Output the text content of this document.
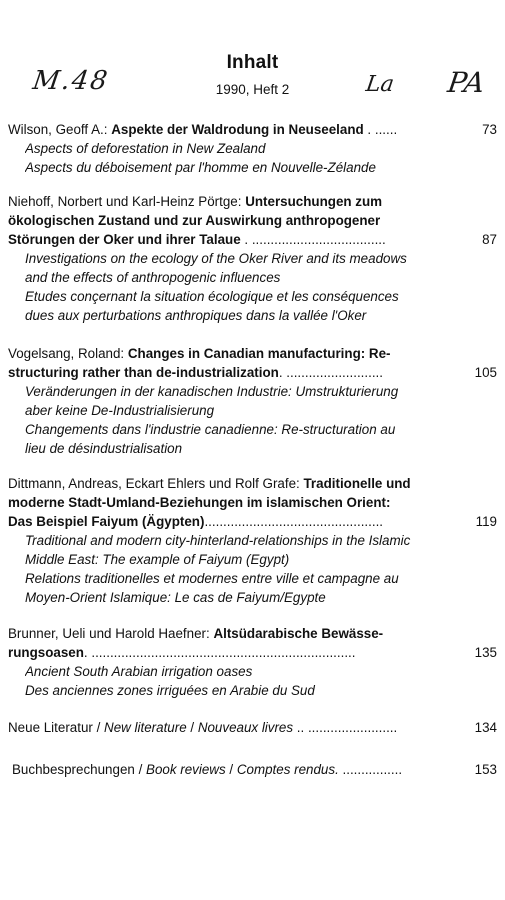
M.48	La PA
Inhalt
1990, Heft 2
Wilson, Geoff A.: Aspekte der Waldrodung in Neuseeland . ......	73
Aspects of deforestation in New Zealand
Aspects du déboisement par l'homme en Nouvelle-Zélande
Niehoff, Norbert und Karl-Heinz Pörtge: Untersuchungen zum
ökologischen Zustand und zur Auswirkung anthropogener
Störungen der Oker und ihrer Talaue . ....................................	87
Investigations on the ecology of the Oker River and its meadows
and the effects of anthropogenic influences
Etudes conçernant la situation écologique et les conséquences
dues aux perturbations anthropiques dans la vallée l'Oker
Vogelsang, Roland: Changes in Canadian manufacturing: Re-
structuring rather than de-industrialization. ..........................	105
Veränderungen in der kanadischen Industrie: Umstrukturierung
aber keine De-Industrialisierung
Changements dans l'industrie canadienne: Re-structuration au
lieu de désindustrialisation
Dittmann, Andreas, Eckart Ehlers und Rolf Grafe: Traditionelle und
moderne Stadt-Umland-Beziehungen im islamischen Orient:
Das Beispiel Faiyum (Ägypten)................................................	119
Traditional and modern city-hinterland-relationships in the Islamic
Middle East: The example of Faiyum (Egypt)
Relations traditionelles et modernes entre ville et campagne au
Moyen-Orient Islamique: Le cas de Faiyum/Egypte
Brunner, Ueli und Harold Haefner: Altsüdarabische Bewässe-
rungsoasen. .......................................................................	135
Ancient South Arabian irrigation oases
Des anciennes zones irriguées en Arabie du Sud
Neue Literatur / New literature / Nouveaux livres .. ........................	134
Buchbesprechungen / Book reviews / Comptes rendus. ................	153
